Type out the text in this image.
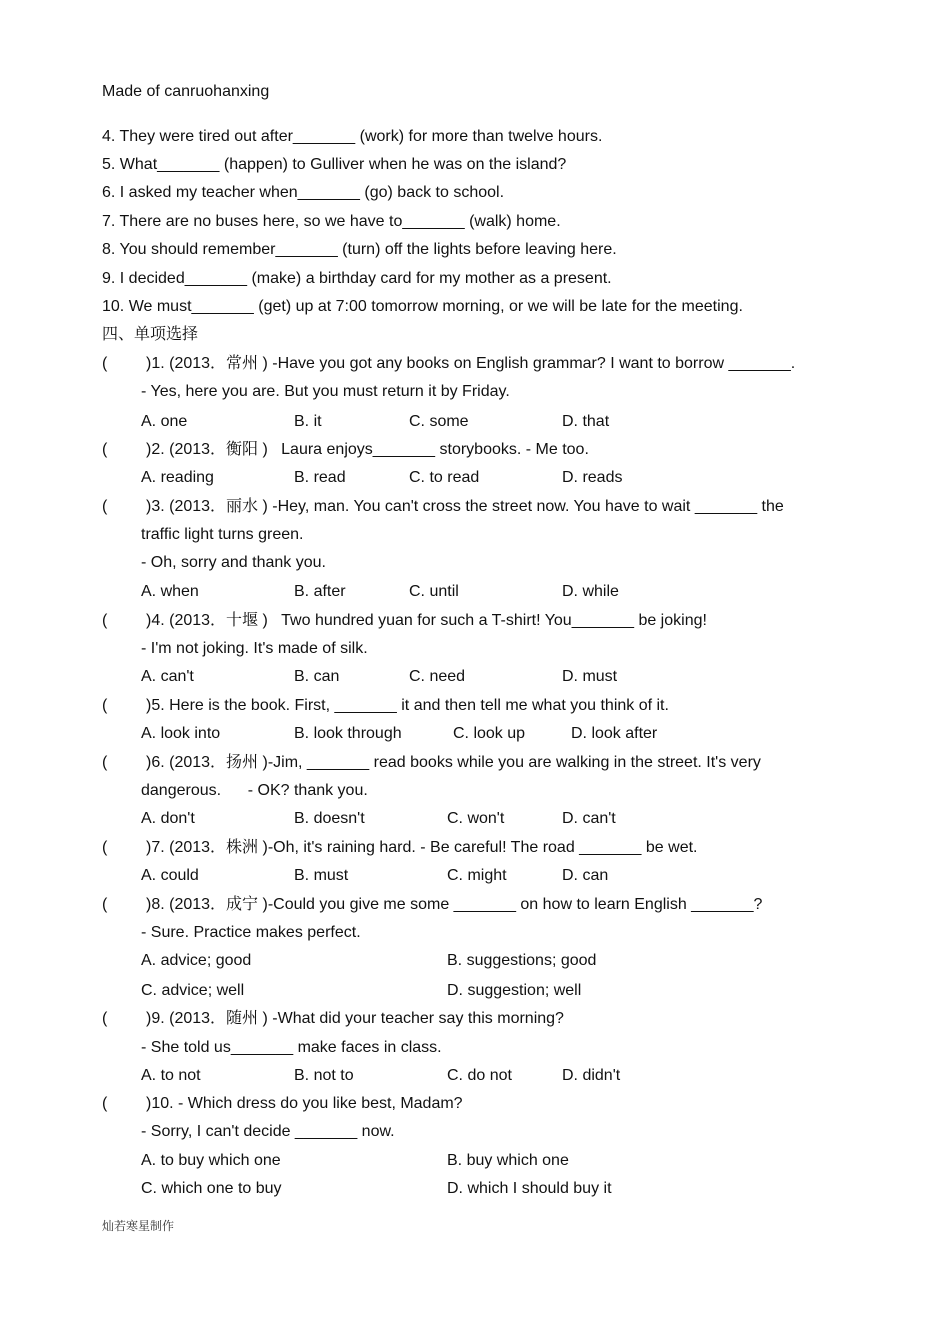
Made of canruohanxing
4. They were tired out after_______ (work) for more than twelve hours.
5. What_______ (happen) to Gulliver when he was on the island?
6. I asked my teacher when_______ (go) back to school.
7. There are no buses here, so we have to_______ (walk) home.
8. You should remember_______ (turn) off the lights before leaving here.
9. I decided_______ (make) a birthday card for my mother as a present.
10. We must_______ (get) up at 7:00 tomorrow morning, or we will be late for the meeting.
四、单项选择
( )1. (2013．常州 ) -Have you got any books on English grammar? I want to borrow _______.
- Yes, here you are. But you must return it by Friday.
A. one	B. it	C. some	D. that
( )2. (2013．衡阳 )   Laura enjoys_______ storybooks. - Me too.
A. reading	B. read	C. to read	D. reads
( )3. (2013．丽水 ) -Hey, man. You can't cross the street now. You have to wait _______ the
traffic light turns green.
- Oh, sorry and thank you.
A. when	B. after	C. until	D. while
( )4. (2013．十堰 )   Two hundred yuan for such a T-shirt! You_______ be joking!
- I'm not joking. It's made of silk.
A. can't	B. can	C. need	D. must
( )5. Here is the book. First, _______ it and then tell me what you think of it.
A. look into	B. look through	C. look up	D. look after
( )6. (2013．扬州 )-Jim, _______ read books while you are walking in the street. It's very
dangerous.      - OK? thank you.
A. don't	B. doesn't	C. won't	D. can't
( )7. (2013．株洲 )-Oh, it's raining hard. - Be careful! The road _______ be wet.
A. could	B. must	C. might	D. can
( )8. (2013．成宁 )-Could you give me some _______ on how to learn English _______?
- Sure. Practice makes perfect.
A. advice; good	B. suggestions; good
C. advice; well	D. suggestion; well
( )9. (2013．随州 ) -What did your teacher say this morning?
- She told us_______ make faces in class.
A. to not	B. not to	C. do not	D. didn't
( )10. - Which dress do you like best, Madam?
- Sorry, I can't decide _______ now.
A. to buy which one	B. buy which one
C. which one to buy	D. which I should buy it
灿若寒星制作
